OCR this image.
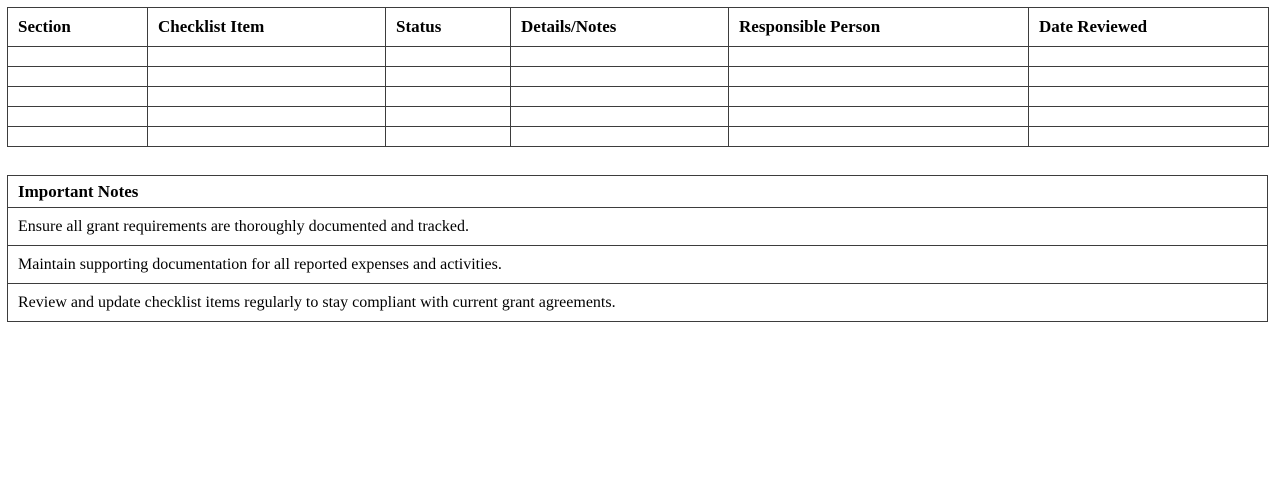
Section	Checklist Item	Status	Details/Notes	Responsible Person	Date Reviewed

Important Notes
Ensure all grant requirements are thoroughly documented and tracked.
Maintain supporting documentation for all reported expenses and activities.
Review and update checklist items regularly to stay compliant with current grant agreements.
